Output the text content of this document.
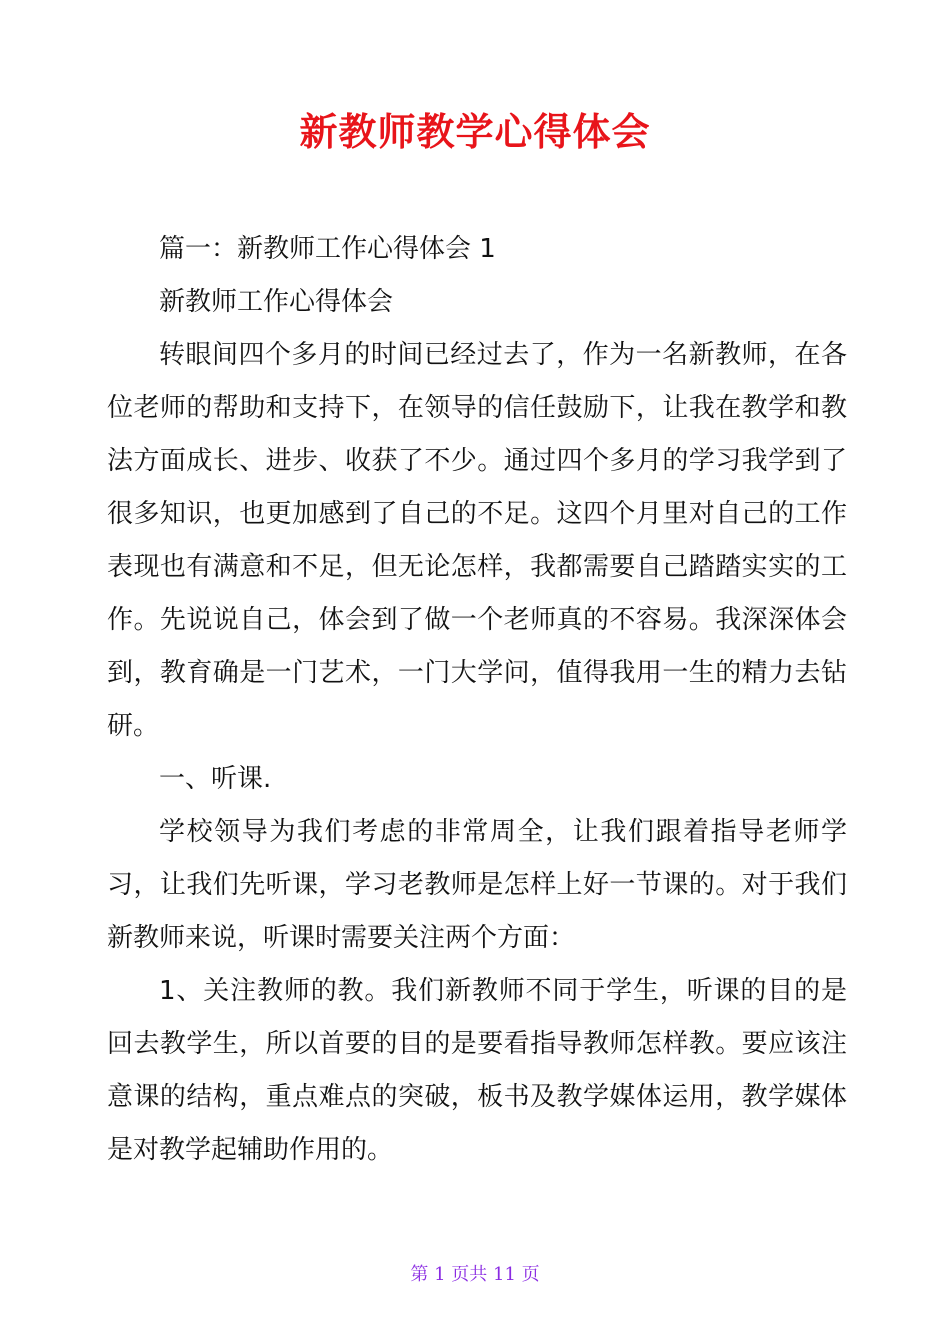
新教师教学心得体会

篇一：新教师工作心得体会 1

新教师工作心得体会

转眼间四个多月的时间已经过去了，作为一名新教师，在各位老师的帮助和支持下，在领导的信任鼓励下，让我在教学和教法方面成长、进步、收获了不少。通过四个多月的学习我学到了很多知识，也更加感到了自己的不足。这四个月里对自己的工作表现也有满意和不足，但无论怎样，我都需要自己踏踏实实的工作。先说说自己，体会到了做一个老师真的不容易。我深深体会到，教育确是一门艺术，一门大学问，值得我用一生的精力去钻研。

一、听课.

学校领导为我们考虑的非常周全，让我们跟着指导老师学习，让我们先听课，学习老教师是怎样上好一节课的。对于我们新教师来说，听课时需要关注两个方面：

1、关注教师的教。我们新教师不同于学生，听课的目的是回去教学生，所以首要的目的是要看指导教师怎样教。要应该注意课的结构，重点难点的突破，板书及教学媒体运用，教学媒体是对教学起辅助作用的。

第 1 页共 11 页
